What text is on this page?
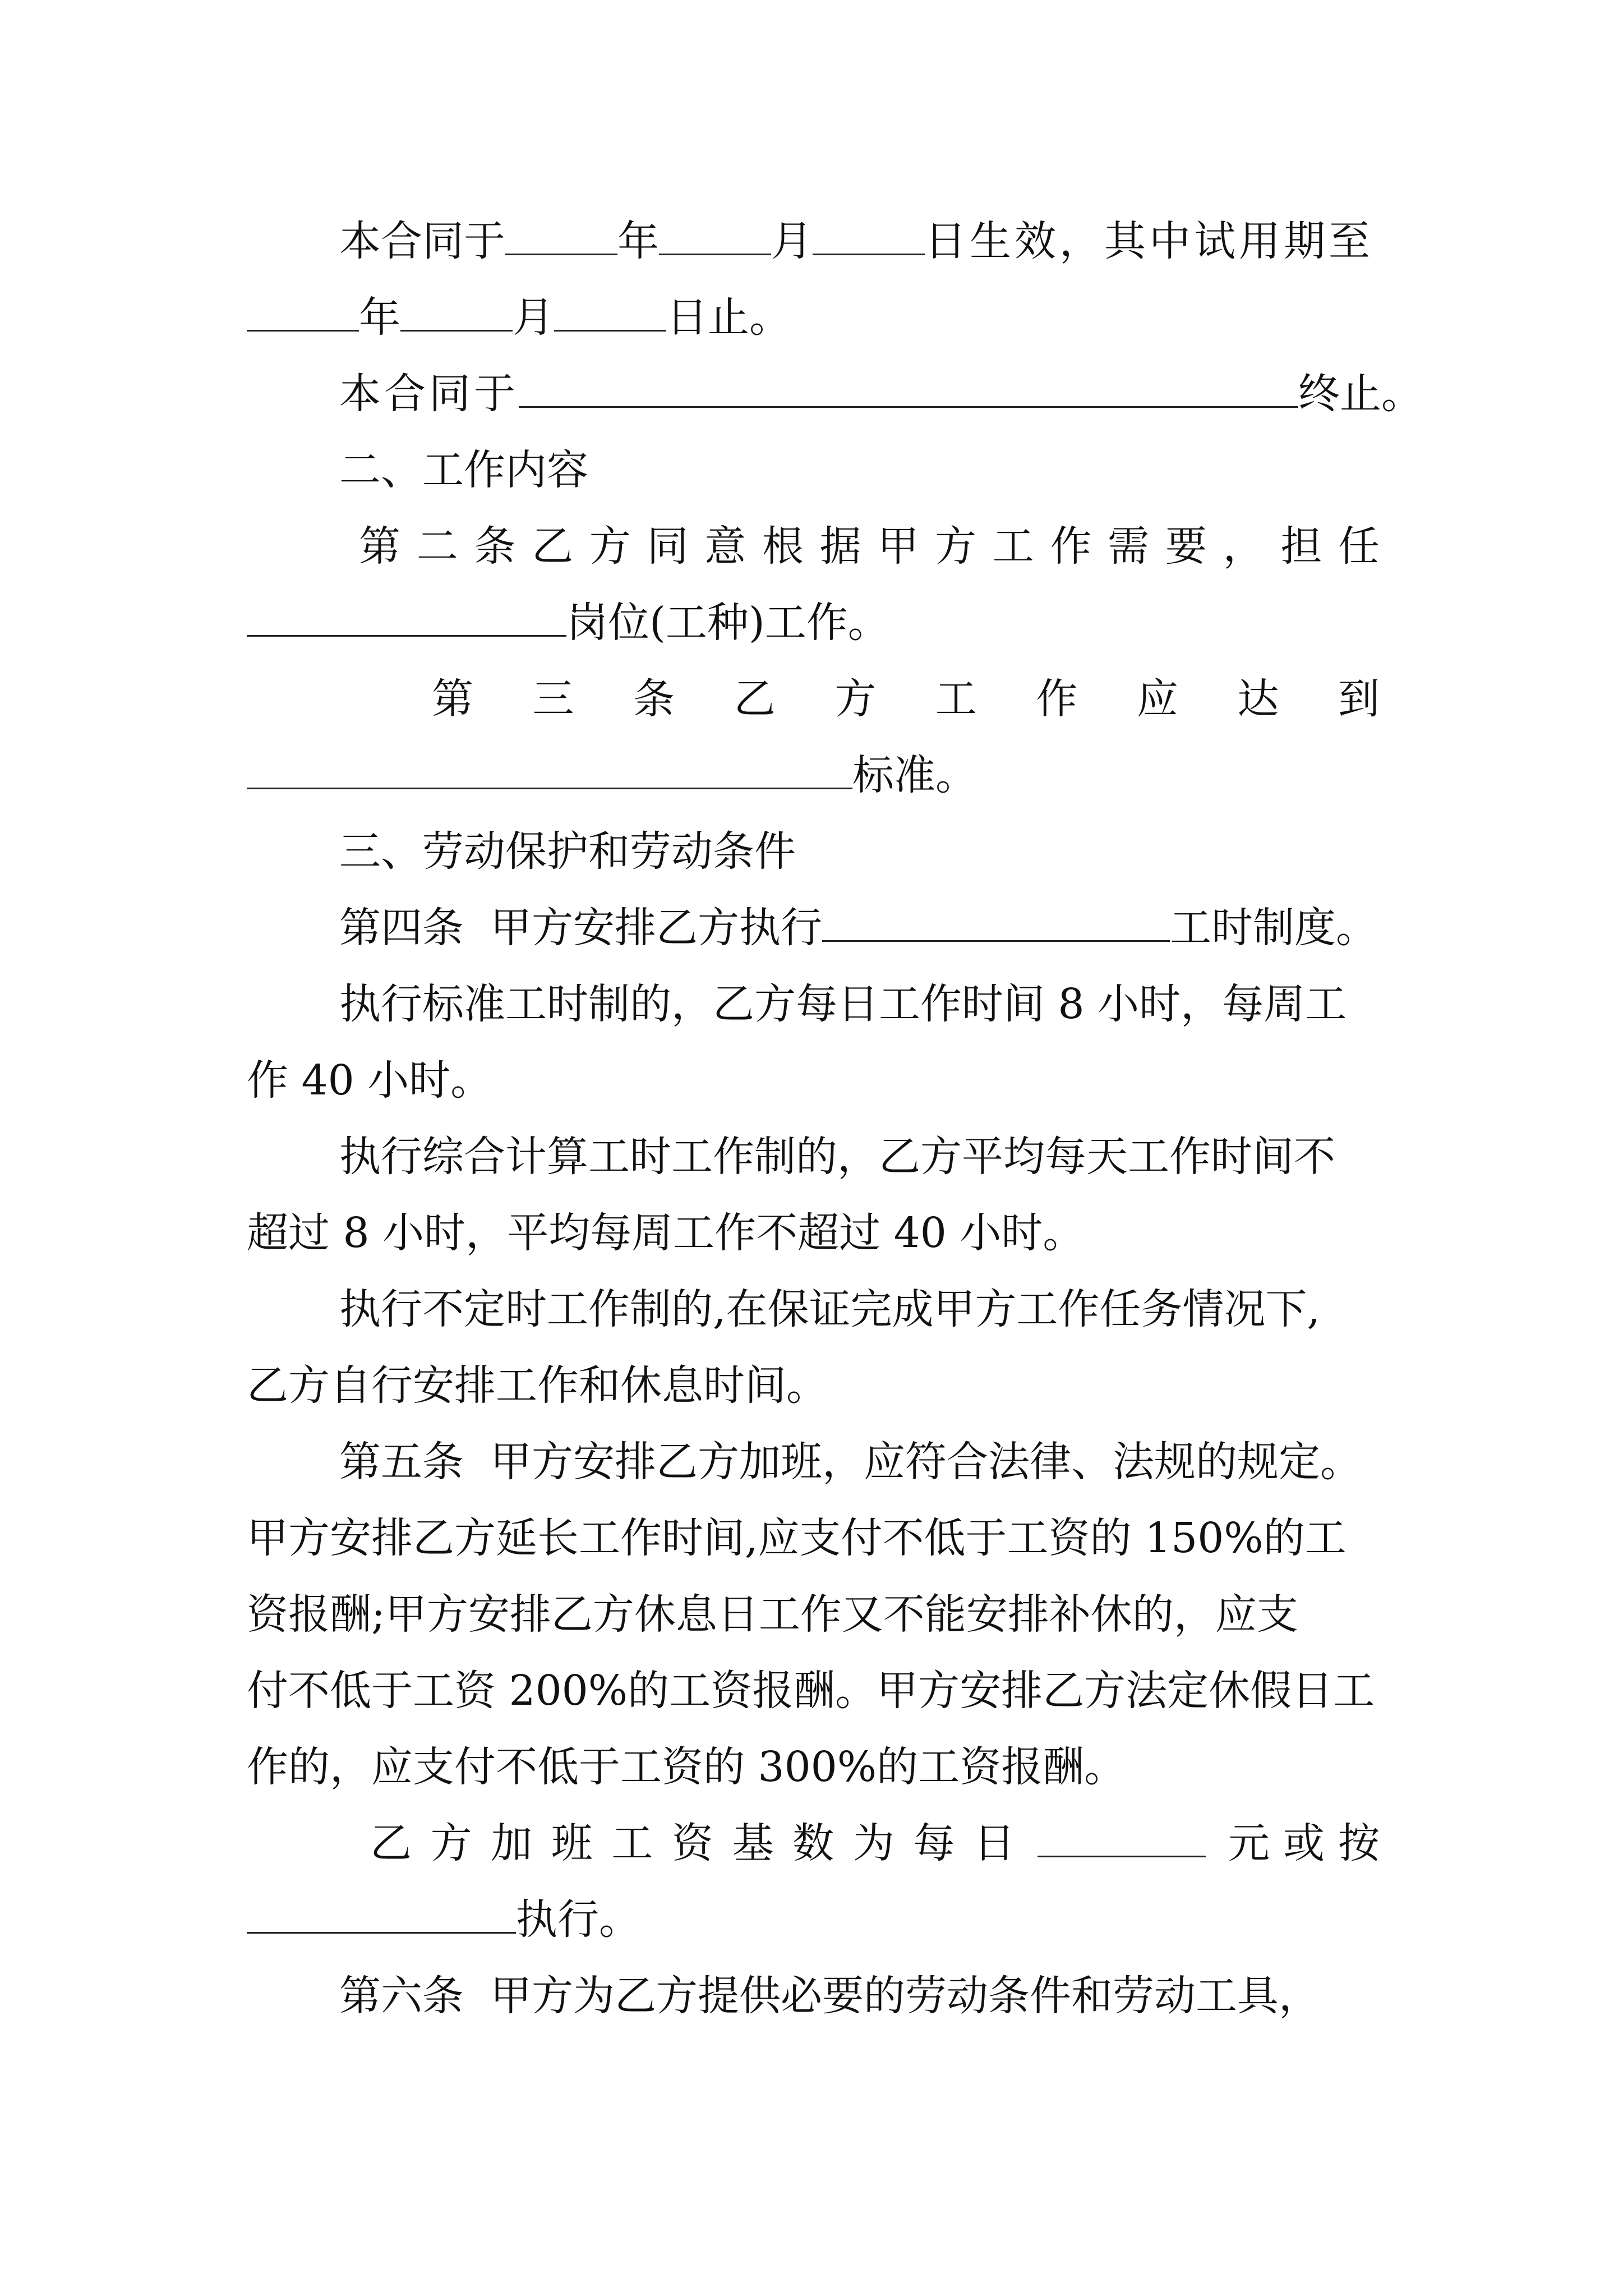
本合同于	年	月	日生效，其中试用期至
年	月	日止。
本合同于	终止。
二、工作内容
第 二 条 乙 方 同 意 根 据 甲 方 工 作 需 要 ， 担 任
岗位(工种)工作。
第 三 条 乙 方 工 作 应 达 到
标准。
三、劳动保护和劳动条件
第四条  甲方安排乙方执行	工时制度。
执行标准工时制的，乙方每日工作时间 8 小时，每周工
作 40 小时。
执行综合计算工时工作制的，乙方平均每天工作时间不
超过 8 小时，平均每周工作不超过 40 小时。
执行不定时工作制的,在保证完成甲方工作任务情况下,
乙方自行安排工作和休息时间。
第五条  甲方安排乙方加班，应符合法律、法规的规定。
甲方安排乙方延长工作时间,应支付不低于工资的 150%的工
资报酬;甲方安排乙方休息日工作又不能安排补休的，应支
付不低于工资 200%的工资报酬。甲方安排乙方法定休假日工
作的，应支付不低于工资的 300%的工资报酬。
乙 方 加 班 工 资 基 数 为 每 日	元 或 按
执行。
第六条  甲方为乙方提供必要的劳动条件和劳动工具，
